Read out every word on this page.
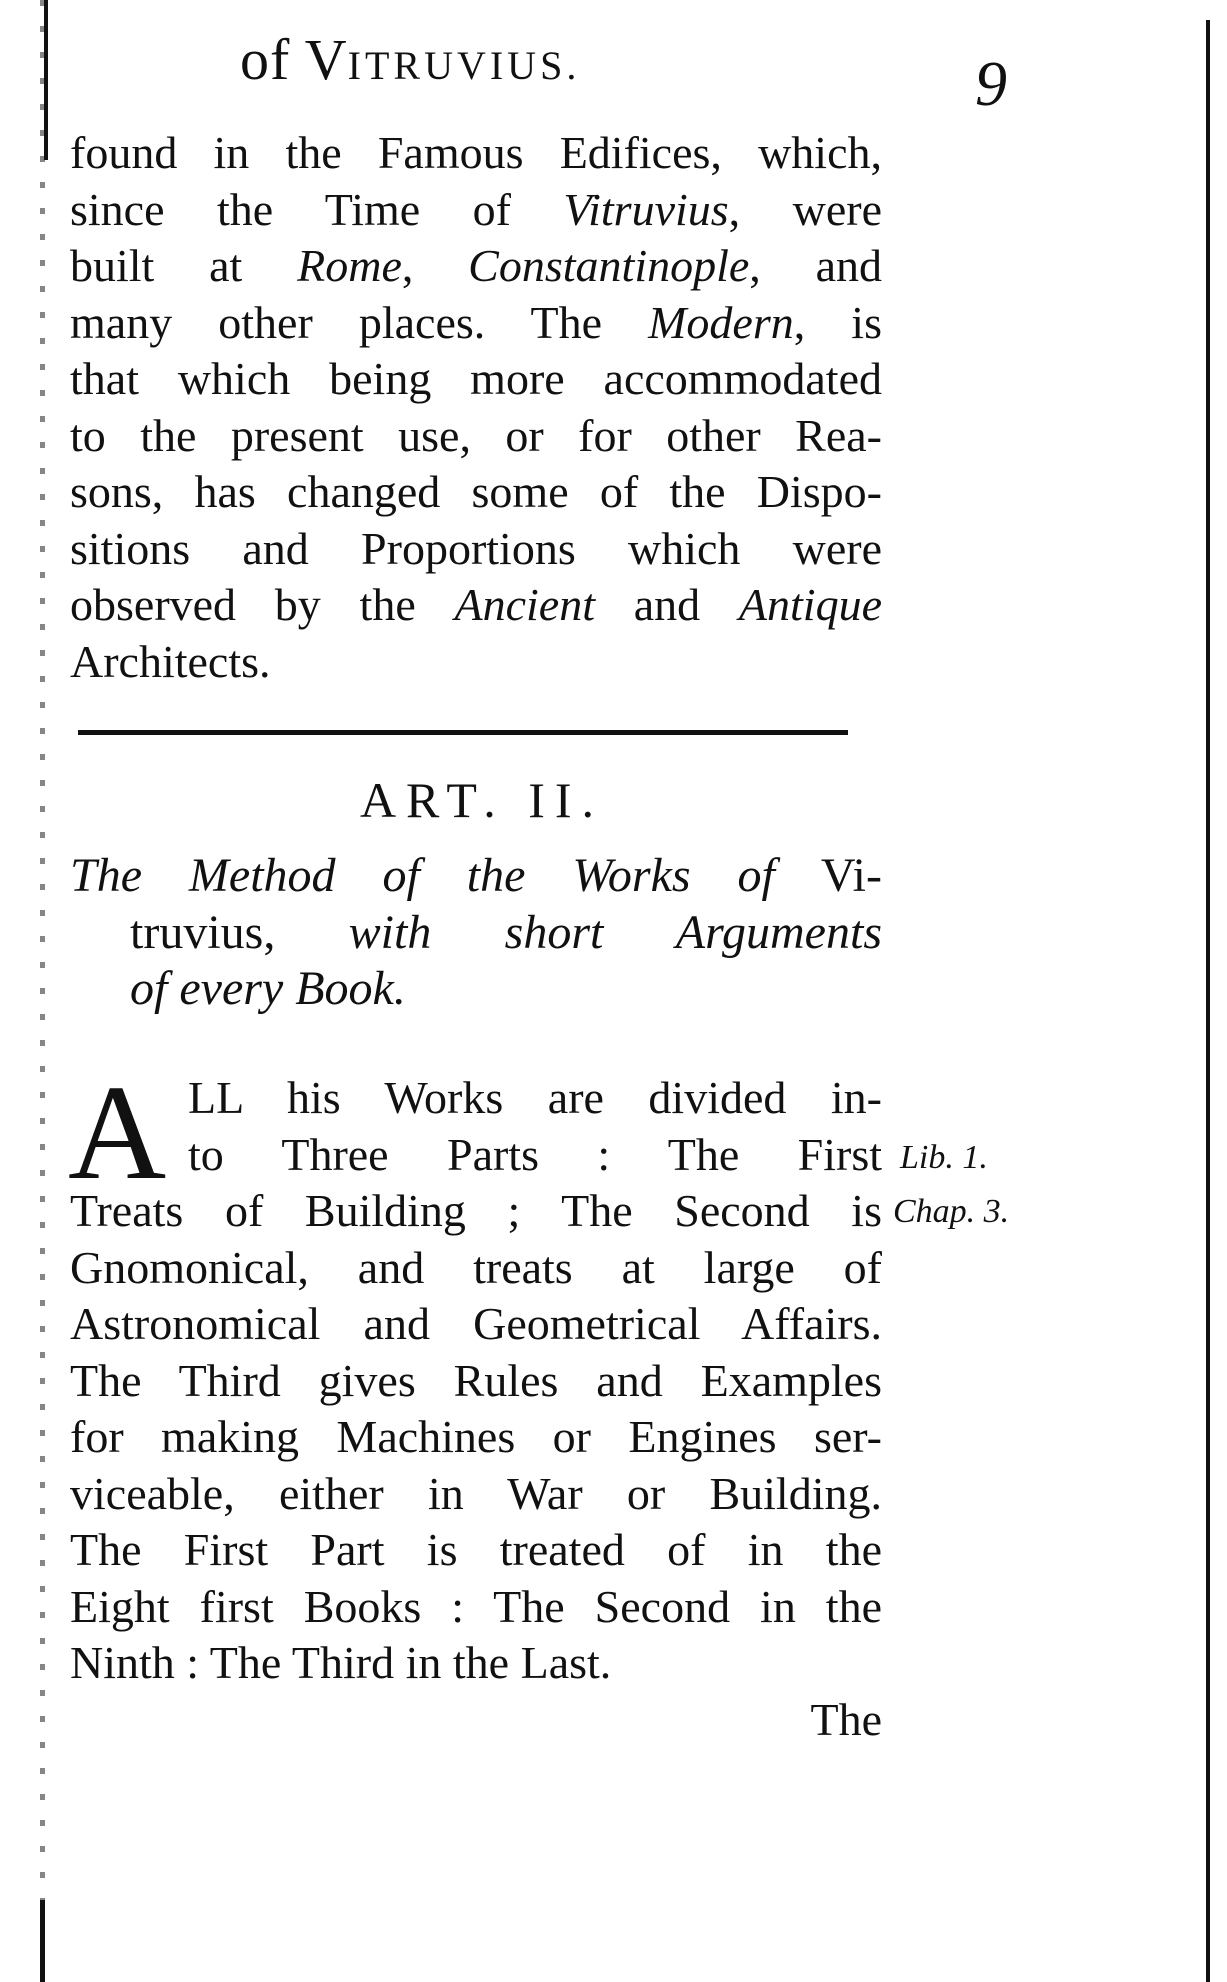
of VITRUVIUS.	9
found in the Famous Edifices, which,
since the Time of Vitruvius, were
built at Rome, Constantinople, and
many other places. The Modern, is
that which being more accommodated
to the present use, or for other Rea-
sons, has changed some of the Dispo-
sitions and Proportions which were
observed by the Ancient and Antique
Architects.
ART. II.
The Method of the Works of Vi-
truvius, with short Arguments
of every Book.
A LL his Works are divided in-
to Three Parts : The First
Treats of Building ; The Second is
Gnomonical, and treats at large of
Astronomical and Geometrical Affairs.
The Third gives Rules and Examples
for making Machines or Engines ser-
viceable, either in War or Building.
The First Part is treated of in the
Eight first Books : The Second in the
Ninth : The Third in the Last.
The
Lib. 1.
Chap. 3.
